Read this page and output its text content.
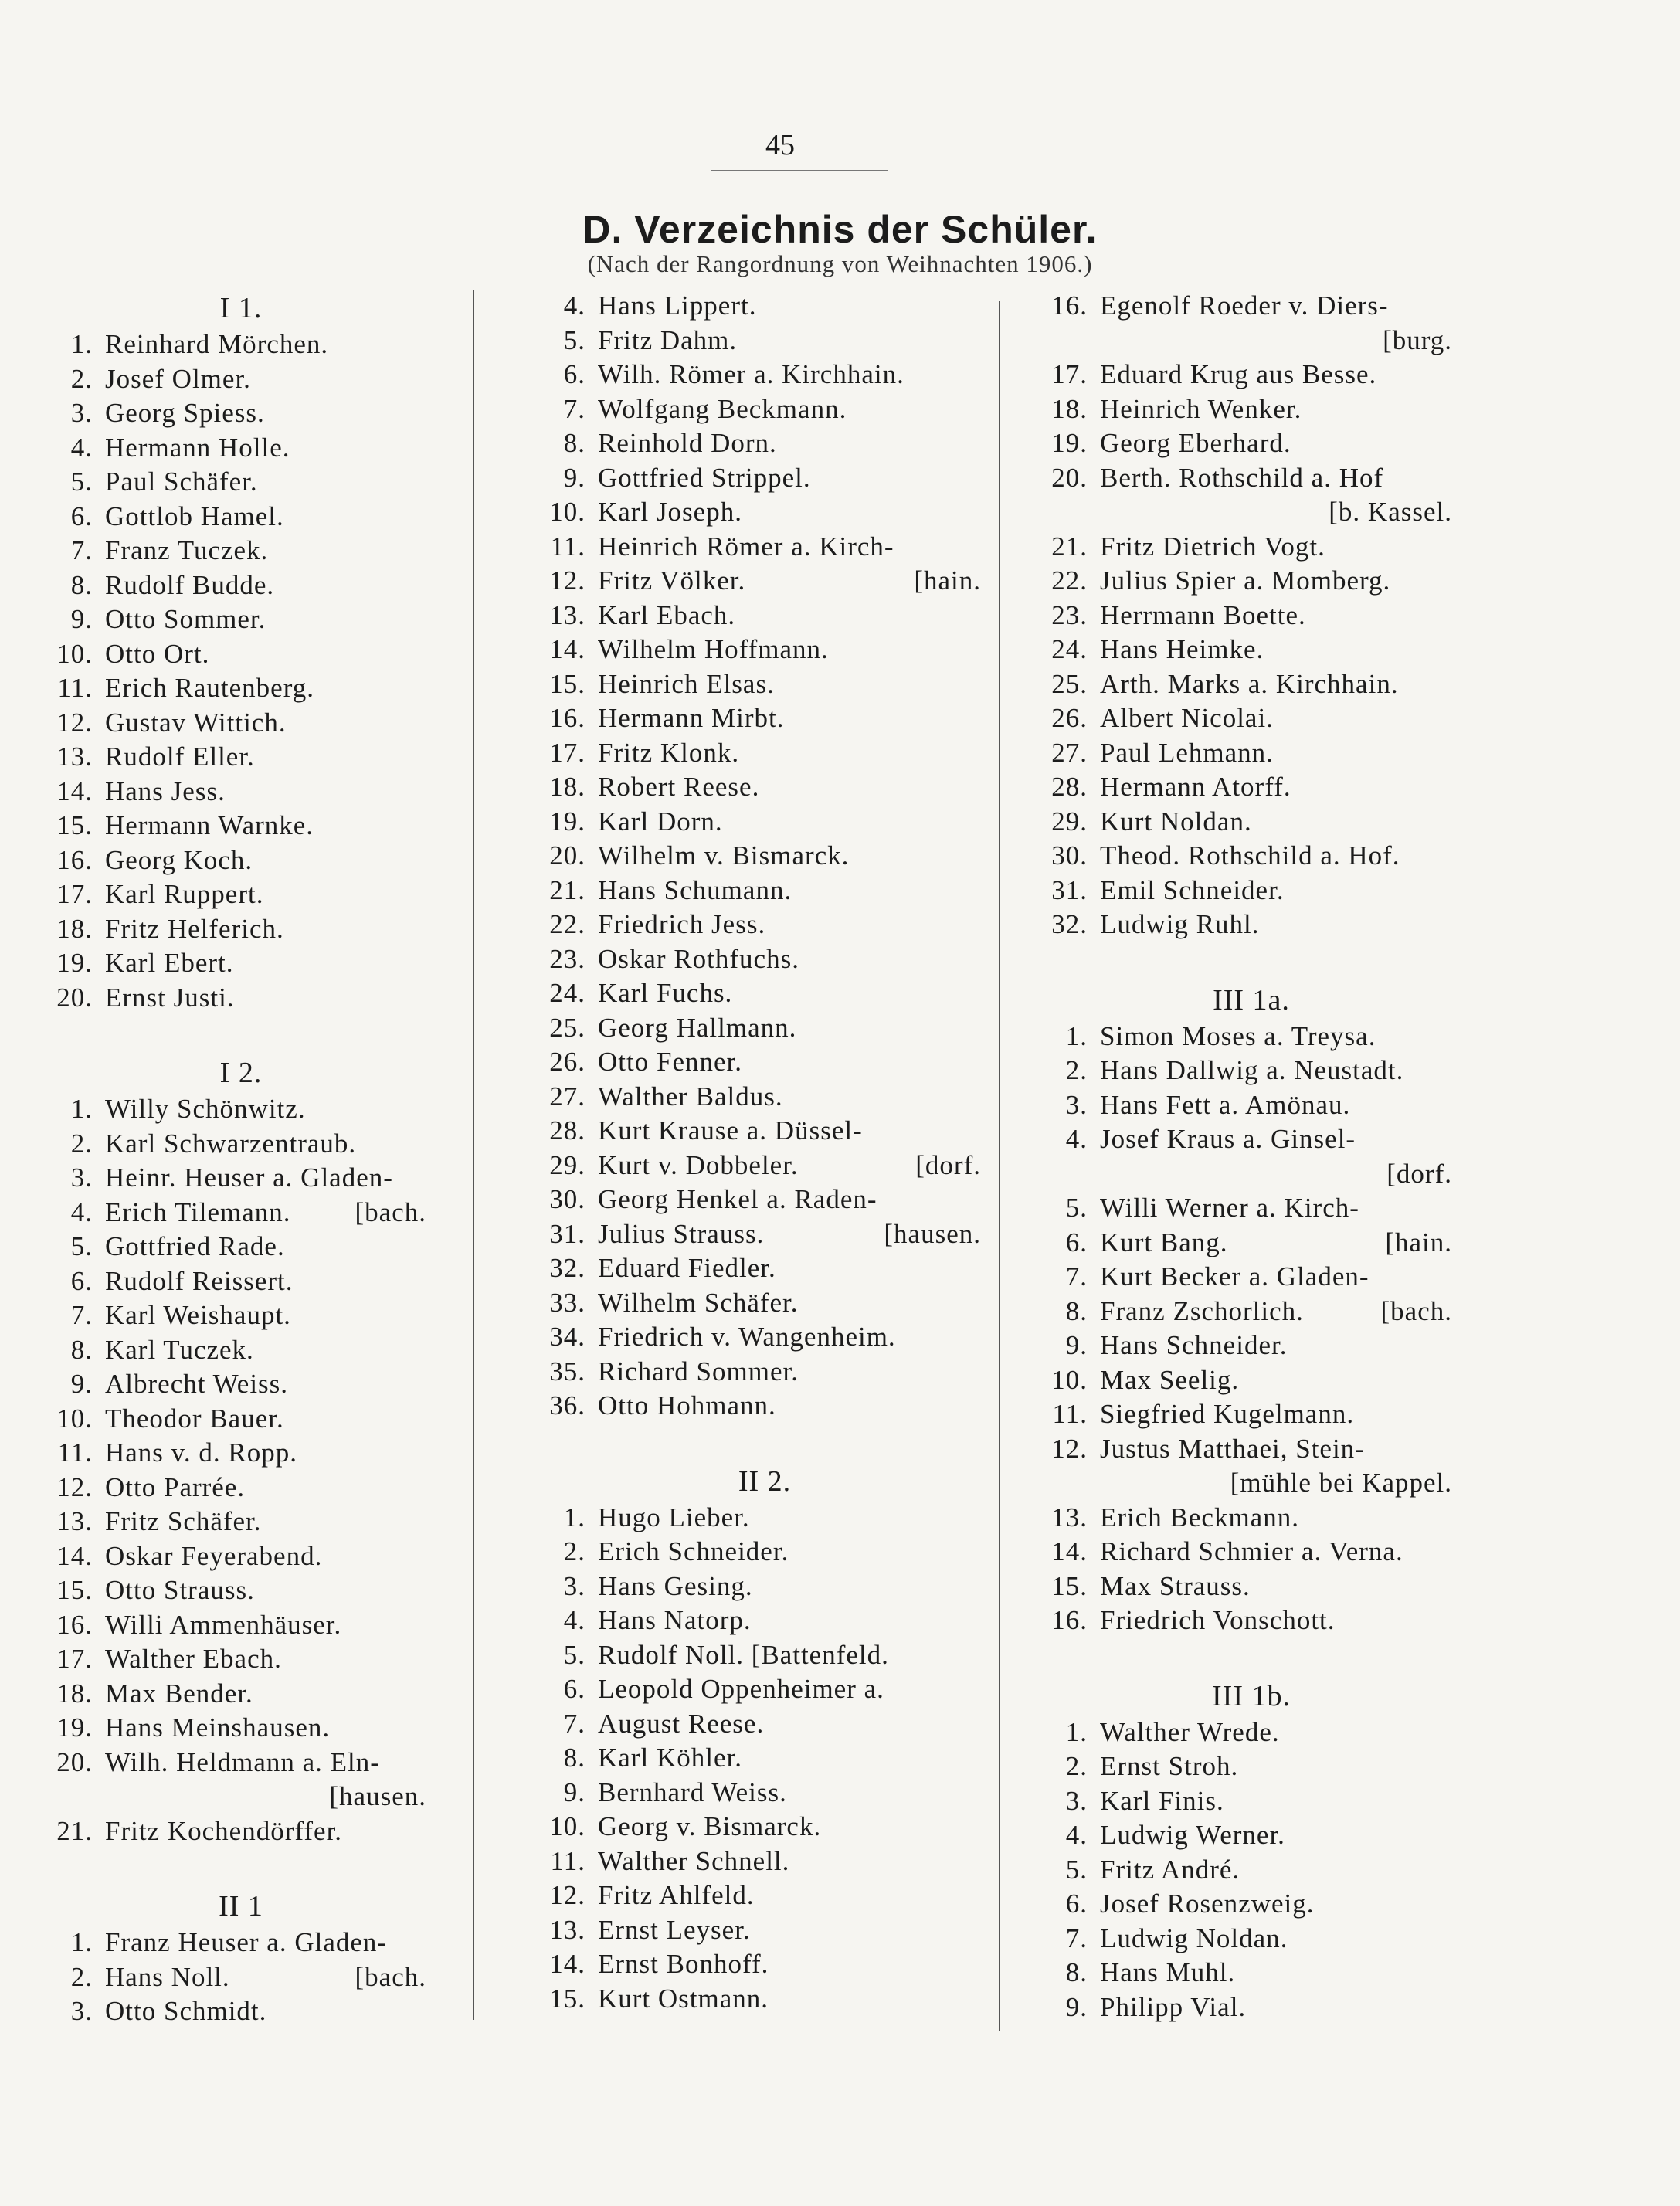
45
D. Verzeichnis der Schüler.
(Nach der Rangordnung von Weihnachten 1906.)
I 1.
1. Reinhard Mörchen.
2. Josef Olmer.
3. Georg Spiess.
4. Hermann Holle.
5. Paul Schäfer.
6. Gottlob Hamel.
7. Franz Tuczek.
8. Rudolf Budde.
9. Otto Sommer.
10. Otto Ort.
11. Erich Rautenberg.
12. Gustav Wittich.
13. Rudolf Eller.
14. Hans Jess.
15. Hermann Warnke.
16. Georg Koch.
17. Karl Ruppert.
18. Fritz Helferich.
19. Karl Ebert.
20. Ernst Justi.
I 2.
1. Willy Schönwitz.
2. Karl Schwarzentraub.
3. Heinr. Heuser a. Gladen-
4. Erich Tilemann. [bach.
5. Gottfried Rade.
6. Rudolf Reissert.
7. Karl Weishaupt.
8. Karl Tuczek.
9. Albrecht Weiss.
10. Theodor Bauer.
11. Hans v. d. Ropp.
12. Otto Parrée.
13. Fritz Schäfer.
14. Oskar Feyerabend.
15. Otto Strauss.
16. Willi Ammenhäuser.
17. Walther Ebach.
18. Max Bender.
19. Hans Meinshausen.
20. Wilh. Heldmann a. Eln-
[hausen.
21. Fritz Kochendörffer.
II 1
1. Franz Heuser a. Gladen-
2. Hans Noll.	[bach.
3. Otto Schmidt.
4. Hans Lippert.
5. Fritz Dahm.
6. Wilh. Römer a. Kirchhain.
7. Wolfgang Beckmann.
8. Reinhold Dorn.
9. Gottfried Strippel.
10. Karl Joseph.
11. Heinrich Römer a. Kirch-
12. Fritz Völker.	[hain.
13. Karl Ebach.
14. Wilhelm Hoffmann.
15. Heinrich Elsas.
16. Hermann Mirbt.
17. Fritz Klonk.
18. Robert Reese.
19. Karl Dorn.
20. Wilhelm v. Bismarck.
21. Hans Schumann.
22. Friedrich Jess.
23. Oskar Rothfuchs.
24. Karl Fuchs.
25. Georg Hallmann.
26. Otto Fenner.
27. Walther Baldus.
28. Kurt Krause a. Düssel-
29. Kurt v. Dobbeler.	[dorf.
30. Georg Henkel a. Raden-
31. Julius Strauss.	[hausen.
32. Eduard Fiedler.
33. Wilhelm Schäfer.
34. Friedrich v. Wangenheim.
35. Richard Sommer.
36. Otto Hohmann.
II 2.
1. Hugo Lieber.
2. Erich Schneider.
3. Hans Gesing.
4. Hans Natorp.
5. Rudolf Noll. [Battenfeld.
6. Leopold Oppenheimer a.
7. August Reese.
8. Karl Köhler.
9. Bernhard Weiss.
10. Georg v. Bismarck.
11. Walther Schnell.
12. Fritz Ahlfeld.
13. Ernst Leyser.
14. Ernst Bonhoff.
15. Kurt Ostmann.
16. Egenolf Roeder v. Diers-
[burg.
17. Eduard Krug aus Besse.
18. Heinrich Wenker.
19. Georg Eberhard.
20. Berth. Rothschild a. Hof
[b. Kassel.
21. Fritz Dietrich Vogt.
22. Julius Spier a. Momberg.
23. Herrmann Boette.
24. Hans Heimke.
25. Arth. Marks a. Kirchhain.
26. Albert Nicolai.
27. Paul Lehmann.
28. Hermann Atorff.
29. Kurt Noldan.
30. Theod. Rothschild a. Hof.
31. Emil Schneider.
32. Ludwig Ruhl.
III 1a.
1. Simon Moses a. Treysa.
2. Hans Dallwig a. Neustadt.
3. Hans Fett a. Amönau.
4. Josef Kraus a. Ginsel-
[dorf.
5. Willi Werner a. Kirch-
6. Kurt Bang.	[hain.
7. Kurt Becker a. Gladen-
8. Franz Zschorlich.	[bach.
9. Hans Schneider.
10. Max Seelig.
11. Siegfried Kugelmann.
12. Justus Matthaei, Stein-
[mühle bei Kappel.
13. Erich Beckmann.
14. Richard Schmier a. Verna.
15. Max Strauss.
16. Friedrich Vonschott.
III 1b.
1. Walther Wrede.
2. Ernst Stroh.
3. Karl Finis.
4. Ludwig Werner.
5. Fritz André.
6. Josef Rosenzweig.
7. Ludwig Noldan.
8. Hans Muhl.
9. Philipp Vial.
